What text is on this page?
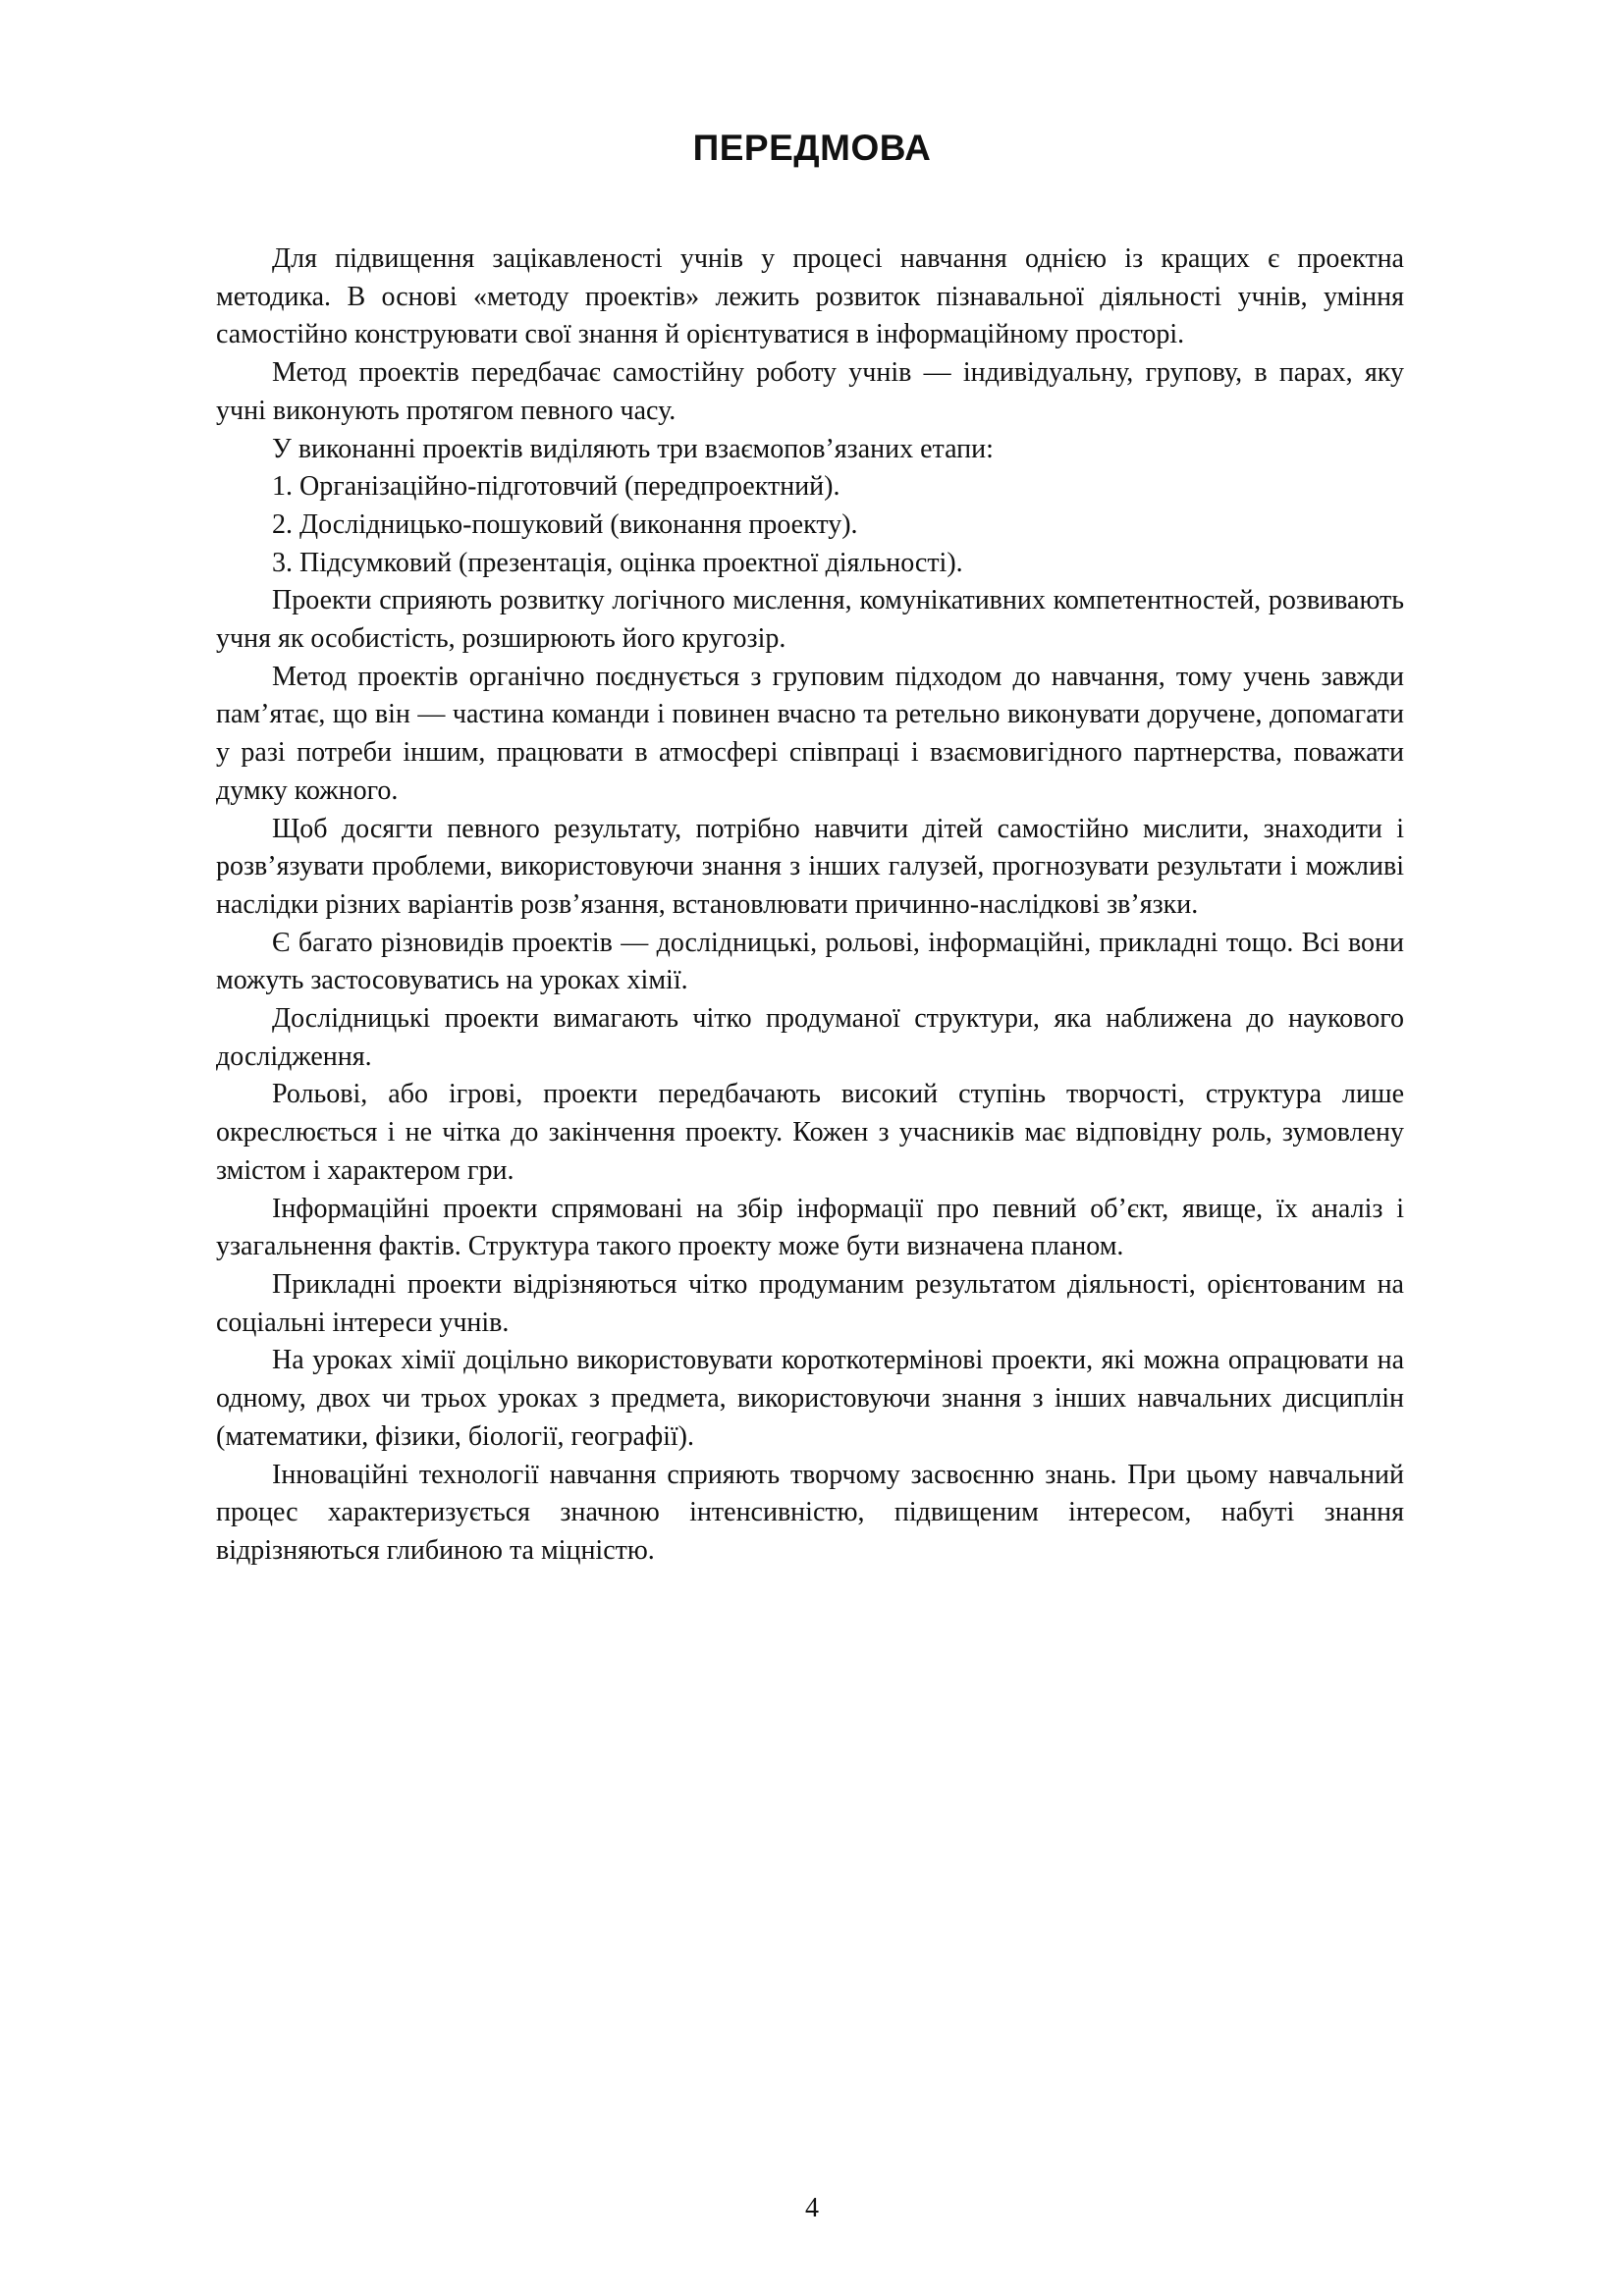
ПЕРЕДМОВА

Для підвищення зацікавленості учнів у процесі навчання однією із кращих є проектна методика. В основі «методу проектів» лежить розвиток пізнавальної діяльності учнів, уміння самостійно конструювати свої знання й орієнтуватися в інформаційному просторі.

Метод проектів передбачає самостійну роботу учнів — індивідуальну, групову, в парах, яку учні виконують протягом певного часу.

У виконанні проектів виділяють три взаємопов’язаних етапи:

1. Організаційно-підготовчий (передпроектний).

2. Дослідницько-пошуковий (виконання проекту).

3. Підсумковий (презентація, оцінка проектної діяльності).

Проекти сприяють розвитку логічного мислення, комунікативних компетентностей, розвивають учня як особистість, розширюють його кругозір.

Метод проектів органічно поєднується з груповим підходом до навчання, тому учень завжди пам’ятає, що він — частина команди і повинен вчасно та ретельно виконувати доручене, допомагати у разі потреби іншим, працювати в атмосфері співпраці і взаємовигідного партнерства, поважати думку кожного.

Щоб досягти певного результату, потрібно навчити дітей самостійно мислити, знаходити і розв’язувати проблеми, використовуючи знання з інших галузей, прогнозувати результати і можливі наслідки різних варіантів розв’язання, встановлювати причинно-наслідкові зв’язки.

Є багато різновидів проектів — дослідницькі, рольові, інформаційні, прикладні тощо. Всі вони можуть застосовуватись на уроках хімії.

Дослідницькі проекти вимагають чітко продуманої структури, яка наближена до наукового дослідження.

Рольові, або ігрові, проекти передбачають високий ступінь творчості, структура лише окреслюється і не чітка до закінчення проекту. Кожен з учасників має відповідну роль, зумовлену змістом і характером гри.

Інформаційні проекти спрямовані на збір інформації про певний об’єкт, явище, їх аналіз і узагальнення фактів. Структура такого проекту може бути визначена планом.

Прикладні проекти відрізняються чітко продуманим результатом діяльності, орієнтованим на соціальні інтереси учнів.

На уроках хімії доцільно використовувати короткотермінові проекти, які можна опрацювати на одному, двох чи трьох уроках з предмета, використовуючи знання з інших навчальних дисциплін (математики, фізики, біології, географії).

Інноваційні технології навчання сприяють творчому засвоєнню знань. При цьому навчальний процес характеризується значною інтенсивністю, підвищеним інтересом, набуті знання відрізняються глибиною та міцністю.

4
